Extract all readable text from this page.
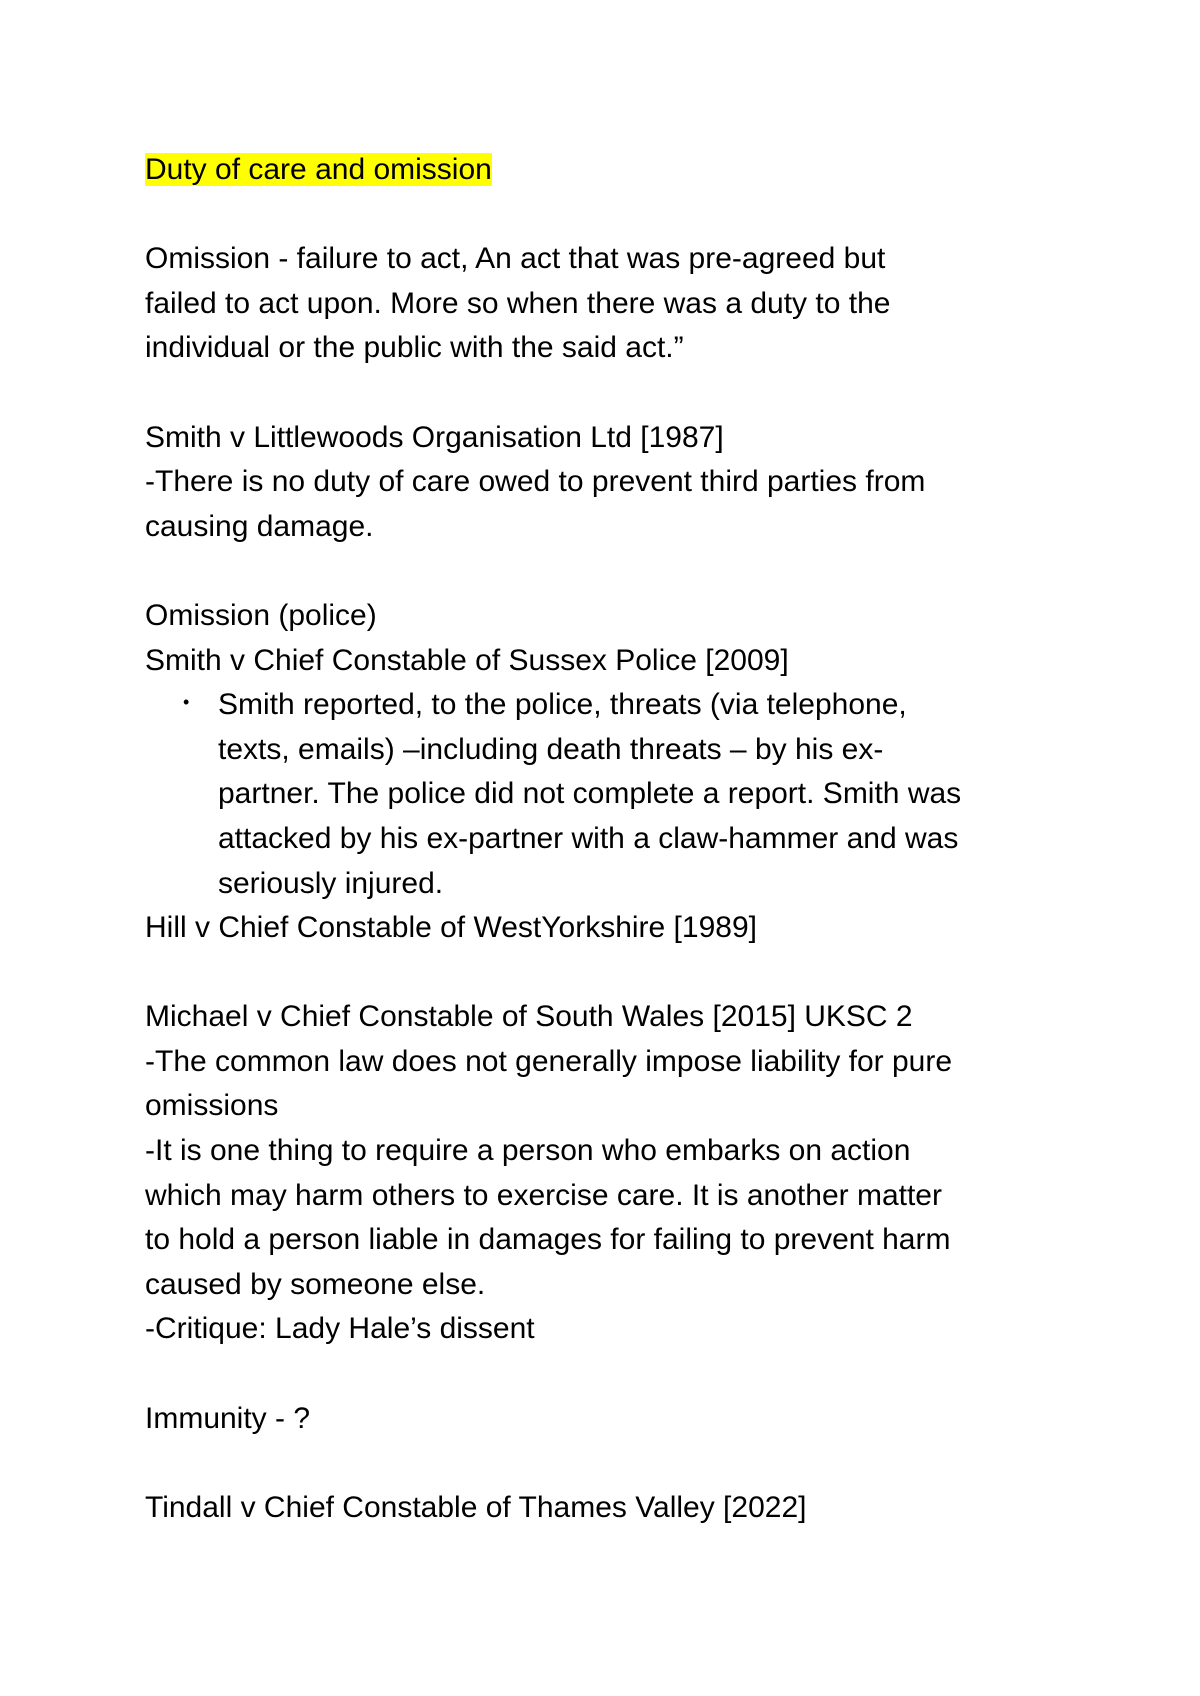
Duty of care and omission
Omission - failure to act, An act that was pre-agreed but
failed to act upon. More so when there was a duty to the
individual or the public with the said act.”
Smith v Littlewoods Organisation Ltd [1987]
-There is no duty of care owed to prevent third parties from
causing damage.
Omission (police)
Smith v Chief Constable of Sussex Police [2009]
• Smith reported, to the police, threats (via telephone,
texts, emails) –including death threats – by his ex-
partner. The police did not complete a report. Smith was
attacked by his ex-partner with a claw-hammer and was
seriously injured.
Hill v Chief Constable of WestYorkshire [1989]
Michael v Chief Constable of South Wales [2015] UKSC 2
-The common law does not generally impose liability for pure
omissions
-It is one thing to require a person who embarks on action
which may harm others to exercise care. It is another matter
to hold a person liable in damages for failing to prevent harm
caused by someone else.
-Critique: Lady Hale’s dissent
Immunity - ?
Tindall v Chief Constable of Thames Valley [2022]
